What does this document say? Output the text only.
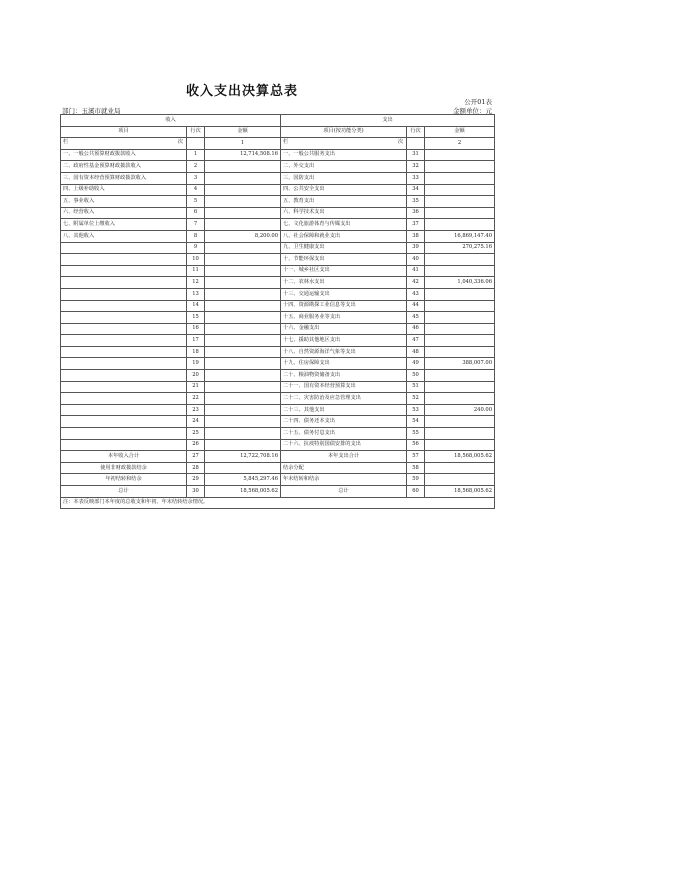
收入支出决算总表
公开01表
部门：玉溪市就业局	金额单位：元
收入			支出		
项目	行次	金额	项目(按功能分类)	行次	金额

栏 次		1	栏 次		2
一、一般公共预算财政拨款收入	1	12,714,508.16	一、一般公共服务支出	31	
二、政府性基金预算财政拨款收入	2		二、外交支出	32	
三、国有资本经营预算财政拨款收入	3		三、国防支出	33	
四、上级补助收入	4		四、公共安全支出	34	
五、事业收入	5		五、教育支出	35	
六、经营收入	6		六、科学技术支出	36	
七、附属单位上缴收入	7		七、文化旅游体育与传媒支出	37	
八、其他收入	8	8,200.00	八、社会保障和就业支出	38	16,869,147.40
	9		九、卫生健康支出	39	270,275.16
	10		十、节能环保支出	40	
	11		十一、城乡社区支出	41	
	12		十二、农林水支出	42	1,040,336.06
	13		十三、交通运输支出	43	
	14		十四、资源勘探工业信息等支出	44	
	15		十五、商业服务业等支出	45	
	16		十六、金融支出	46	
	17		十七、援助其他地区支出	47	
	18		十八、自然资源海洋气象等支出	48	
	19		十九、住房保障支出	49	388,007.00
	20		二十、粮油物资储备支出	50	
	21		二十一、国有资本经营预算支出	51	
	22		二十二、灾害防治及应急管理支出	52	
	23		二十三、其他支出	53	240.00
	24		二十四、债务还本支出	54	
	25		二十五、债务付息支出	55	
	26		二十六、抗疫特别国债安排的支出	56	
本年收入合计	27	12,722,708.16	本年支出合计	57	18,568,005.62
使用非财政拨款结余	28		结余分配	58	
年初结转和结余	29	5,845,297.46	年末结转和结余	59	
总计	30	18,568,005.62	总计	60	18,568,005.62
注：本表反映部门本年度的总收支和年初、年末结转结余情况。					
